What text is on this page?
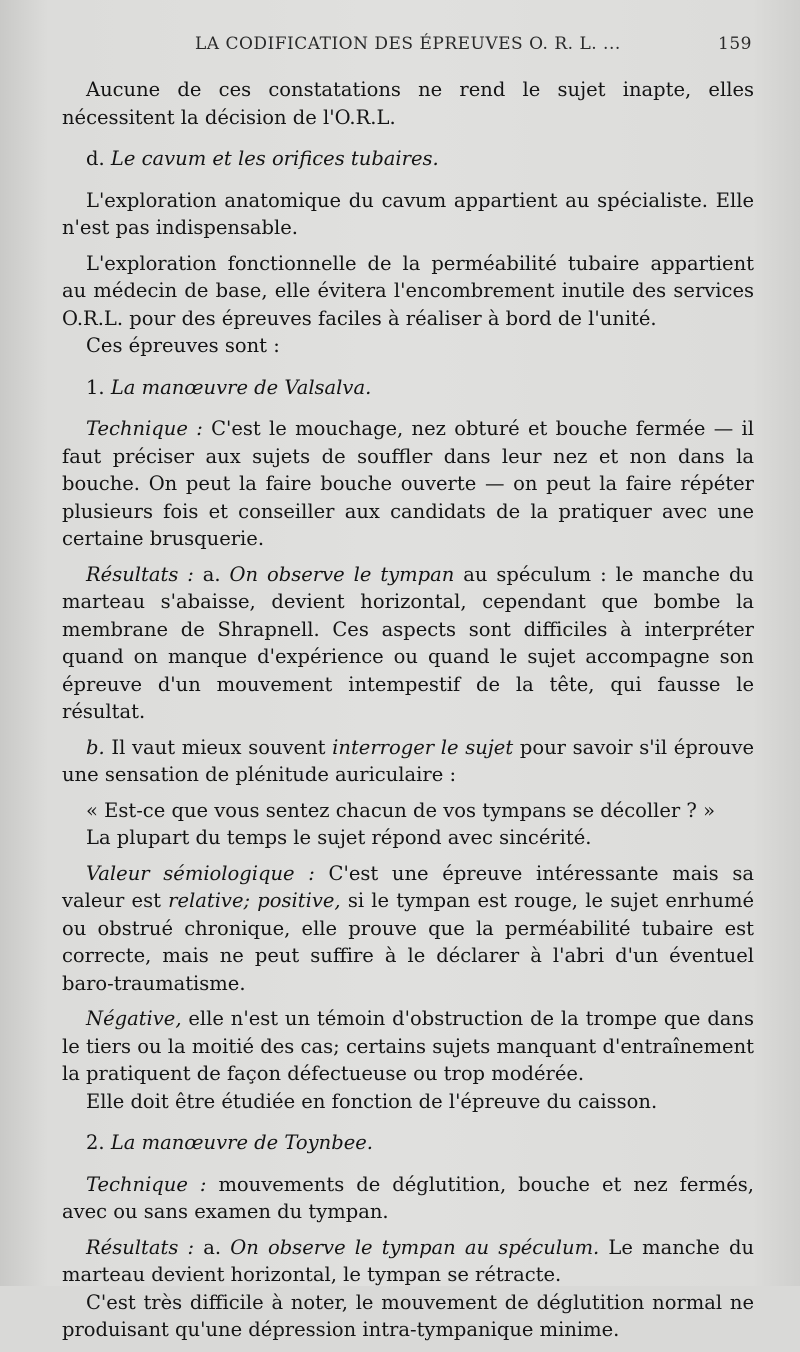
LA CODIFICATION DES ÉPREUVES O. R. L. ...	159

Aucune de ces constatations ne rend le sujet inapte, elles nécessitent la décision de l'O.R.L.

d. Le cavum et les orifices tubaires.

L'exploration anatomique du cavum appartient au spécialiste. Elle n'est pas indispensable.

L'exploration fonctionnelle de la perméabilité tubaire appartient au médecin de base, elle évitera l'encombrement inutile des services O.R.L. pour des épreuves faciles à réaliser à bord de l'unité.

Ces épreuves sont :

1. La manœuvre de Valsalva.

Technique : C'est le mouchage, nez obturé et bouche fermée — il faut préciser aux sujets de souffler dans leur nez et non dans la bouche. On peut la faire bouche ouverte — on peut la faire répéter plusieurs fois et conseiller aux candidats de la pratiquer avec une certaine brusquerie.

Résultats : a. On observe le tympan au spéculum : le manche du marteau s'abaisse, devient horizontal, cependant que bombe la membrane de Shrapnell. Ces aspects sont difficiles à interpréter quand on manque d'expérience ou quand le sujet accompagne son épreuve d'un mouvement intempestif de la tête, qui fausse le résultat.

b. Il vaut mieux souvent interroger le sujet pour savoir s'il éprouve une sensation de plénitude auriculaire :

« Est-ce que vous sentez chacun de vos tympans se décoller ? »

La plupart du temps le sujet répond avec sincérité.

Valeur sémiologique : C'est une épreuve intéressante mais sa valeur est relative; positive, si le tympan est rouge, le sujet enrhumé ou obstrué chronique, elle prouve que la perméabilité tubaire est correcte, mais ne peut suffire à le déclarer à l'abri d'un éventuel baro-traumatisme.

Négative, elle n'est un témoin d'obstruction de la trompe que dans le tiers ou la moitié des cas; certains sujets manquant d'entraînement la pratiquent de façon défectueuse ou trop modérée.

Elle doit être étudiée en fonction de l'épreuve du caisson.

2. La manœuvre de Toynbee.

Technique : mouvements de déglutition, bouche et nez fermés, avec ou sans examen du tympan.

Résultats : a. On observe le tympan au spéculum. Le manche du marteau devient horizontal, le tympan se rétracte.

C'est très difficile à noter, le mouvement de déglutition normal ne produisant qu'une dépression intra-tympanique minime.
